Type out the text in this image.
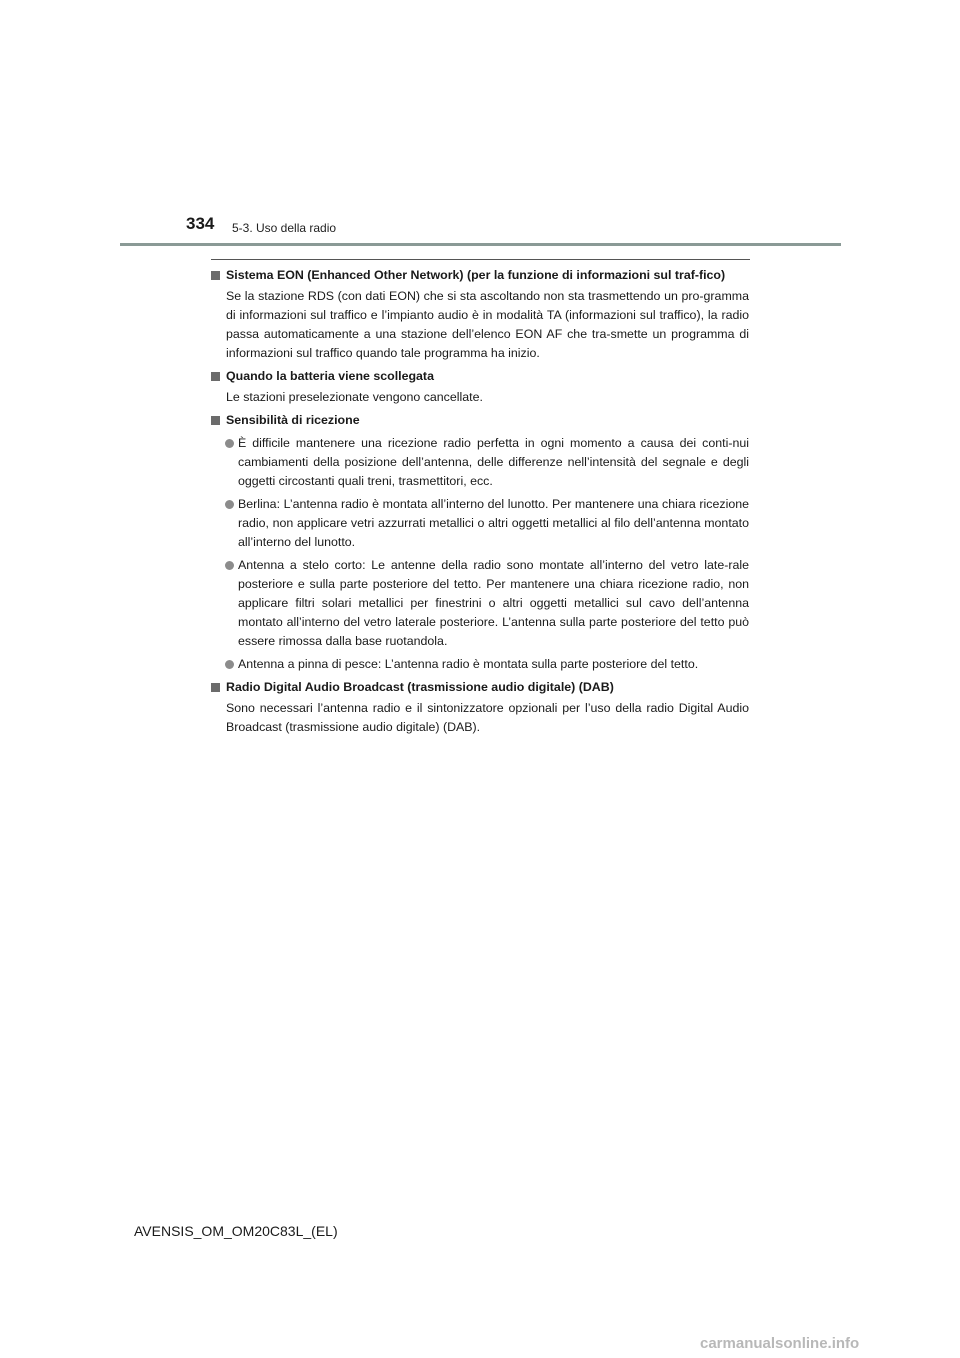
334 5-3. Uso della radio
Sistema EON (Enhanced Other Network) (per la funzione di informazioni sul traf-fico)
Se la stazione RDS (con dati EON) che si sta ascoltando non sta trasmettendo un pro-gramma di informazioni sul traffico e l’impianto audio è in modalità TA (informazioni sul traffico), la radio passa automaticamente a una stazione dell’elenco EON AF che tra-smette un programma di informazioni sul traffico quando tale programma ha inizio.
Quando la batteria viene scollegata
Le stazioni preselezionate vengono cancellate.
Sensibilità di ricezione
È difficile mantenere una ricezione radio perfetta in ogni momento a causa dei conti-nui cambiamenti della posizione dell’antenna, delle differenze nell’intensità del segnale e degli oggetti circostanti quali treni, trasmettitori, ecc.
Berlina: L’antenna radio è montata all’interno del lunotto. Per mantenere una chiara ricezione radio, non applicare vetri azzurrati metallici o altri oggetti metallici al filo dell’antenna montato all’interno del lunotto.
Antenna a stelo corto: Le antenne della radio sono montate all’interno del vetro late-rale posteriore e sulla parte posteriore del tetto. Per mantenere una chiara ricezione radio, non applicare filtri solari metallici per finestrini o altri oggetti metallici sul cavo dell’antenna montato all’interno del vetro laterale posteriore. L’antenna sulla parte posteriore del tetto può essere rimossa dalla base ruotandola.
Antenna a pinna di pesce: L’antenna radio è montata sulla parte posteriore del tetto.
Radio Digital Audio Broadcast (trasmissione audio digitale) (DAB)
Sono necessari l’antenna radio e il sintonizzatore opzionali per l’uso della radio Digital Audio Broadcast (trasmissione audio digitale) (DAB).
AVENSIS_OM_OM20C83L_(EL)
carmanualsonline.info
